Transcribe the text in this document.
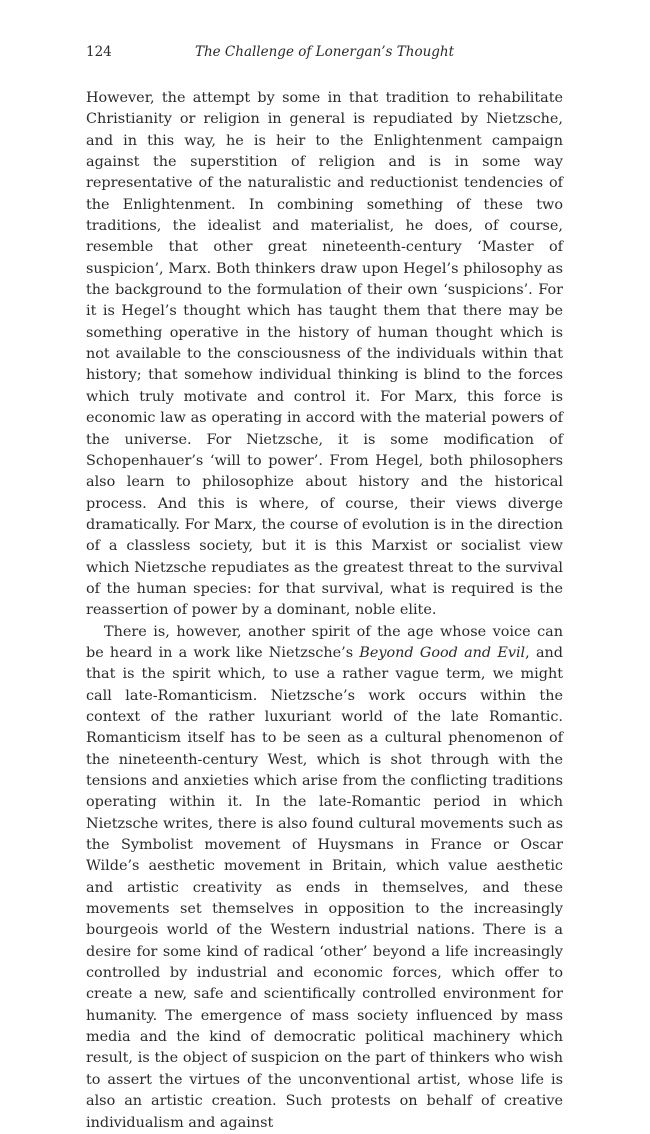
124	The Challenge of Lonergan’s Thought

However, the attempt by some in that tradition to rehabilitate Christianity or religion in general is repudiated by Nietzsche, and in this way, he is heir to the Enlightenment campaign against the superstition of religion and is in some way representative of the naturalistic and reductionist tendencies of the Enlightenment. In combining something of these two traditions, the idealist and materialist, he does, of course, resemble that other great nineteenth-century ‘Master of suspicion’, Marx. Both thinkers draw upon Hegel’s philosophy as the background to the formulation of their own ‘suspicions’. For it is Hegel’s thought which has taught them that there may be something operative in the history of human thought which is not available to the consciousness of the individuals within that history; that somehow individual thinking is blind to the forces which truly motivate and control it. For Marx, this force is economic law as operating in accord with the material powers of the universe. For Nietzsche, it is some modification of Schopenhauer’s ‘will to power’. From Hegel, both philosophers also learn to philosophize about history and the historical process. And this is where, of course, their views diverge dramatically. For Marx, the course of evolution is in the direction of a classless society, but it is this Marxist or socialist view which Nietzsche repudiates as the greatest threat to the survival of the human species: for that survival, what is required is the reassertion of power by a dominant, noble elite.

There is, however, another spirit of the age whose voice can be heard in a work like Nietzsche’s Beyond Good and Evil, and that is the spirit which, to use a rather vague term, we might call late-Romanticism. Nietzsche’s work occurs within the context of the rather luxuriant world of the late Romantic. Romanticism itself has to be seen as a cultural phenomenon of the nineteenth-century West, which is shot through with the tensions and anxieties which arise from the conflicting traditions operating within it. In the late-Romantic period in which Nietzsche writes, there is also found cultural movements such as the Symbolist movement of Huysmans in France or Oscar Wilde’s aesthetic movement in Britain, which value aesthetic and artistic creativity as ends in themselves, and these movements set themselves in opposition to the increasingly bourgeois world of the Western industrial nations. There is a desire for some kind of radical ‘other’ beyond a life increasingly controlled by industrial and economic forces, which offer to create a new, safe and scientifically controlled environment for humanity. The emergence of mass society influenced by mass media and the kind of democratic political machinery which result, is the object of suspicion on the part of thinkers who wish to assert the virtues of the unconventional artist, whose life is also an artistic creation. Such protests on behalf of creative individualism and against
